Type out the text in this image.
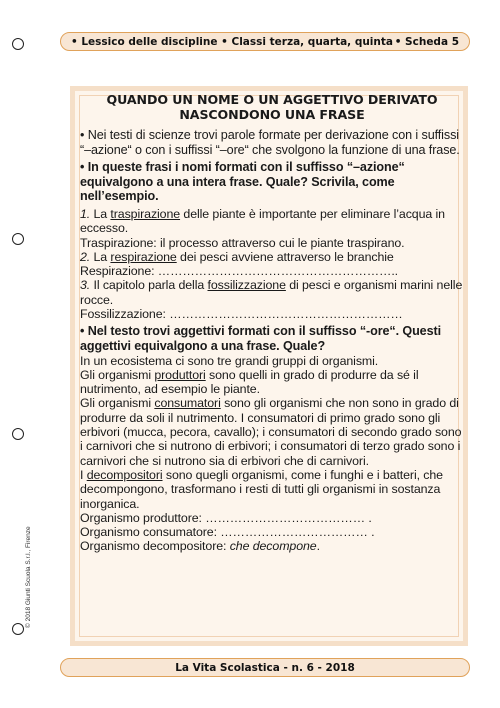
• Lessico delle discipline • Classi terza, quarta, quinta • Scheda 5
QUANDO UN NOME O UN AGGETTIVO DERIVATO
NASCONDONO UNA FRASE

• Nei testi di scienze trovi parole formate per derivazione con i suffissi “–azione“ o con i suffissi “–ore“ che svolgono la funzione di una frase.

• In queste frasi i nomi formati con il suffisso “–azione“ equivalgono a una intera frase. Quale? Scrivila, come nell’esempio.

1. La traspirazione delle piante è importante per eliminare l’acqua in eccesso.

Traspirazione: il processo attraverso cui le piante traspirano.

2. La respirazione dei pesci avviene attraverso le branchie

Respirazione: …………………………………………………..

3. Il capitolo parla della fossilizzazione di pesci e organismi marini nelle rocce.

Fossilizzazione: …………………………………………………

• Nel testo trovi aggettivi formati con il suffisso “-ore“. Questi aggettivi equivalgono a una frase. Quale?

In un ecosistema ci sono tre grandi gruppi di organismi.

Gli organismi produttori sono quelli in grado di produrre da sé il nutrimento, ad esempio le piante.

Gli organismi consumatori sono gli organismi che non sono in grado di produrre da soli il nutrimento. I consumatori di primo grado sono gli erbivori (mucca, pecora, cavallo); i consumatori di secondo grado sono i carnivori che si nutrono di erbivori; i consumatori di terzo grado sono i carnivori che si nutrono sia di erbivori che di carnivori.

I decompositori sono quegli organismi, come i funghi e i batteri, che decompongono, trasformano i resti di tutti gli organismi in sostanza inorganica.

Organismo produttore: ………………………………… .

Organismo consumatore: ……………………………… .

Organismo decompositore: che decompone.

© 2018 Giunti Scuola S.r.l., Firenze
La Vita Scolastica - n. 6 - 2018
